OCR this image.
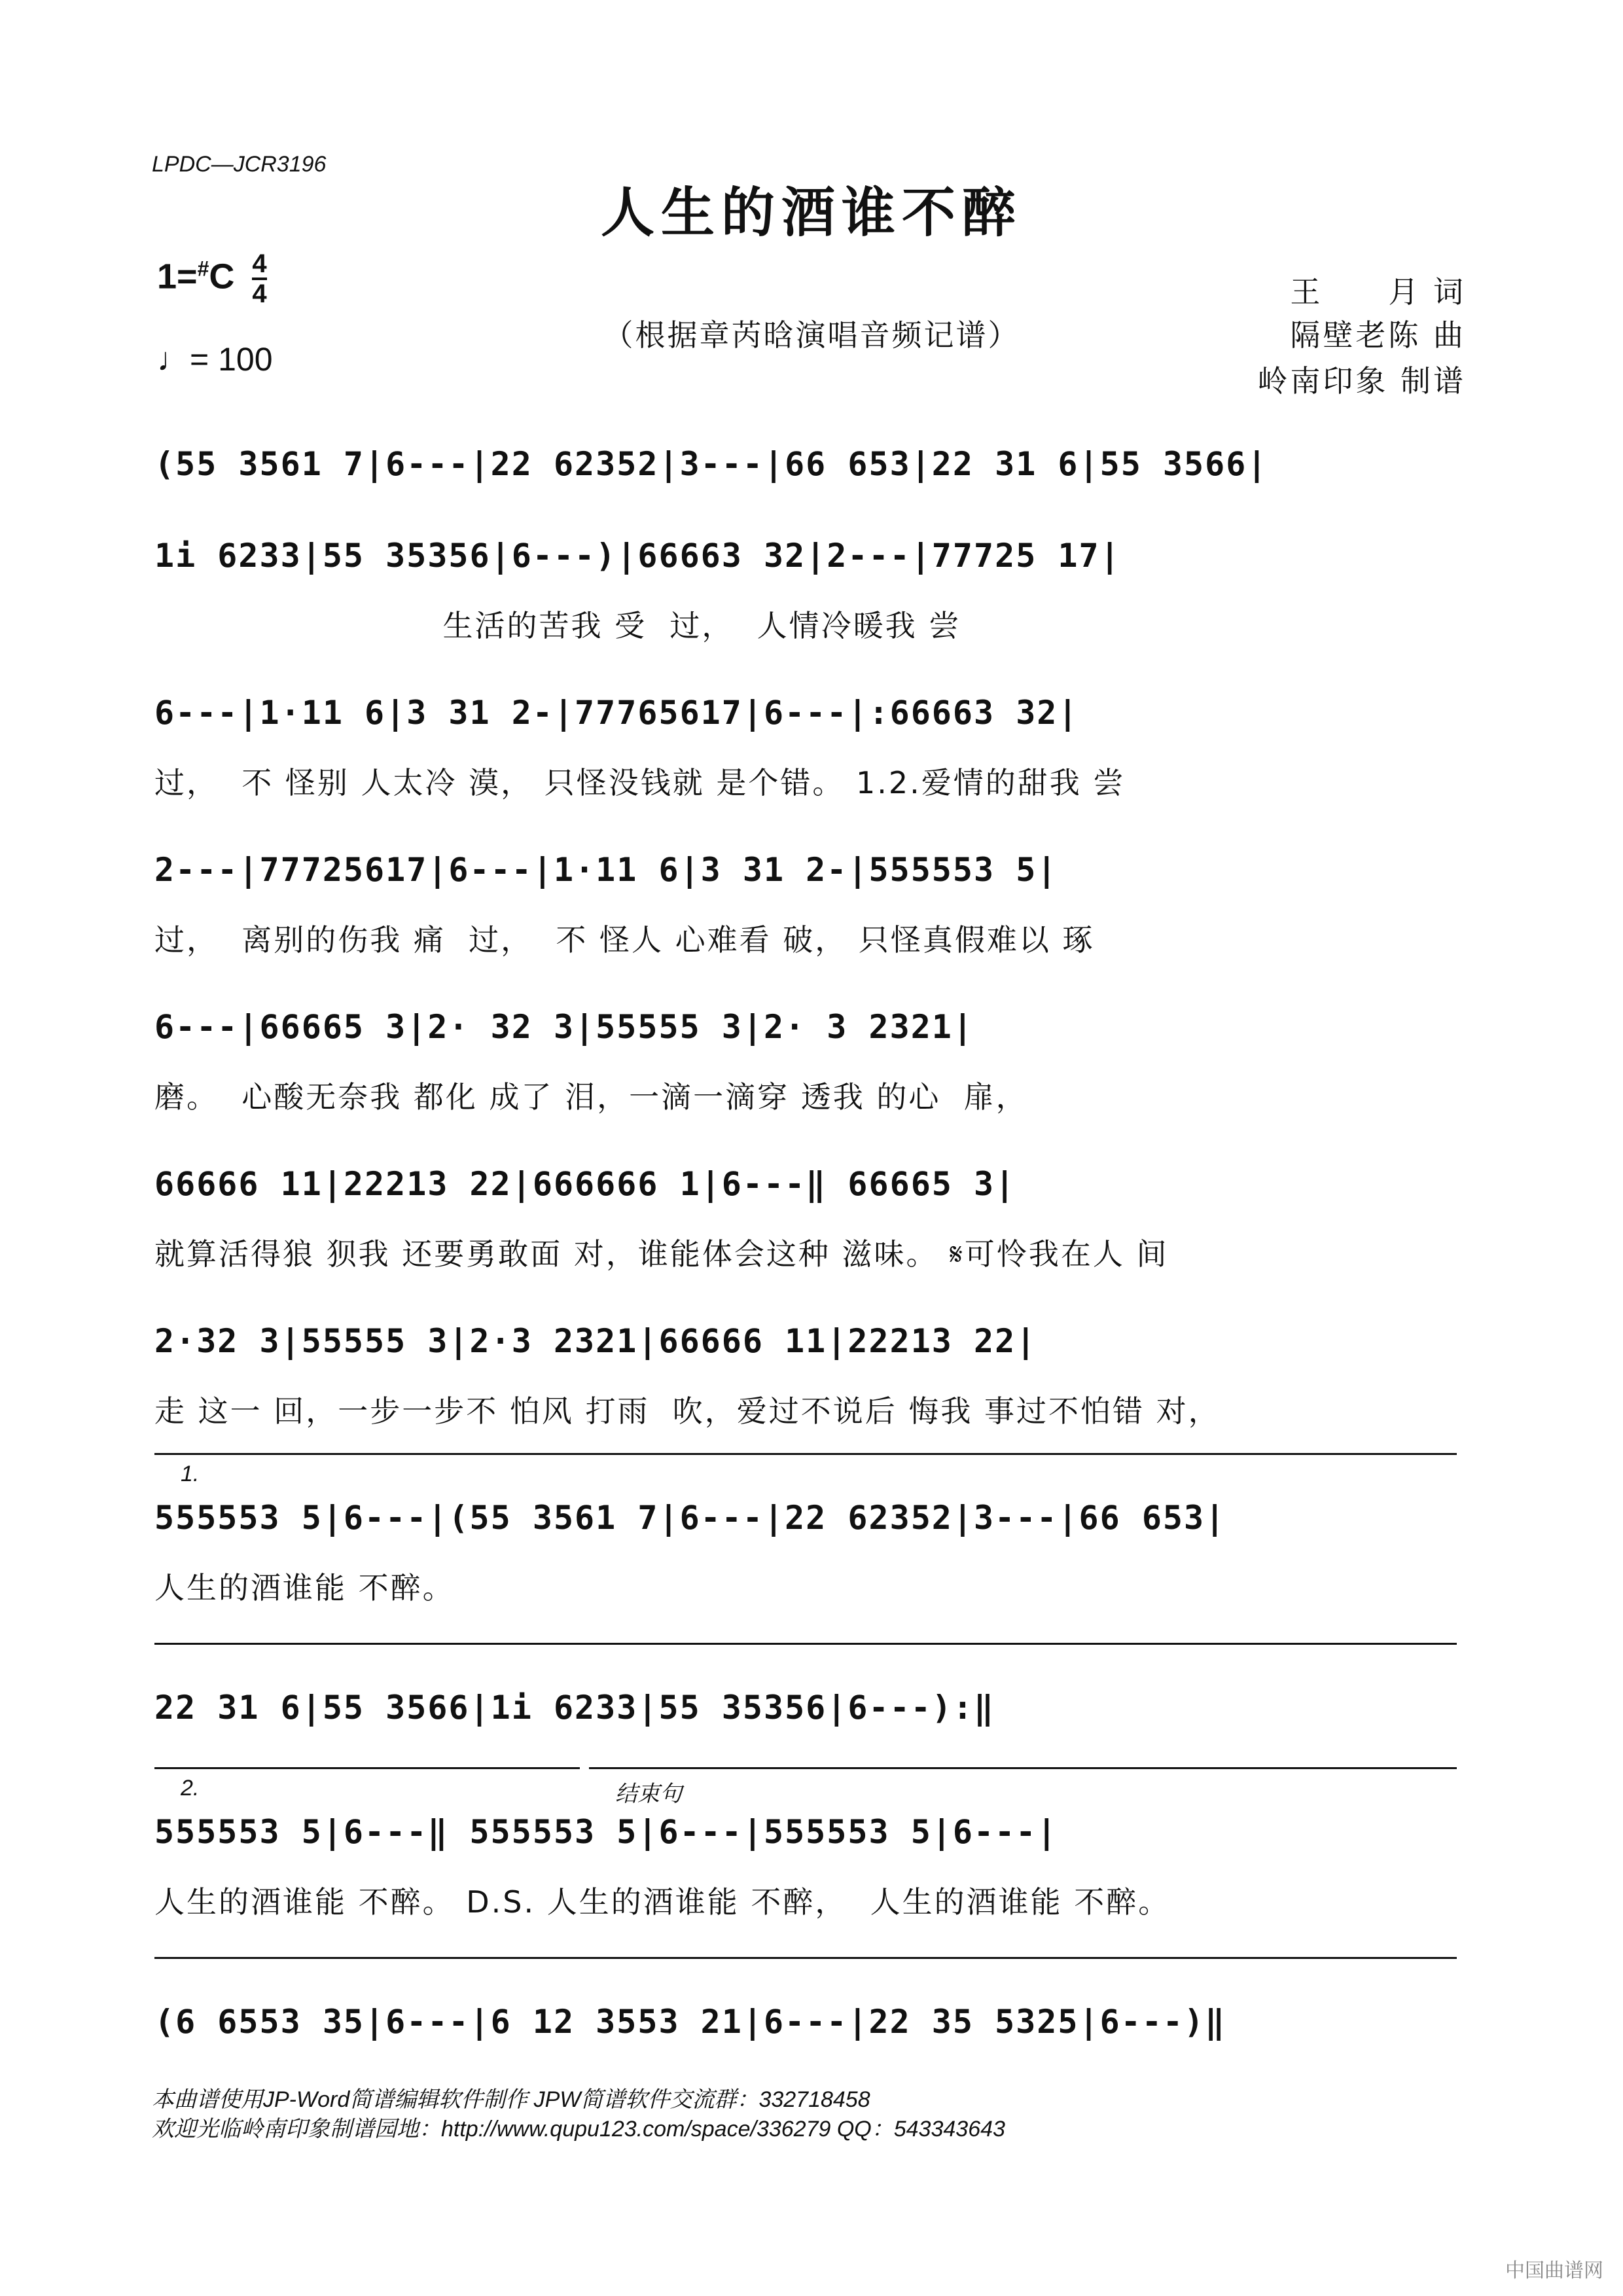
LPDC—JCR3196
人生的酒谁不醉
$1=^{\#}C \frac{4}{4}$
♩= 100
（根据章芮晗演唱音频记谱）
王　　月 词
隔壁老陈 曲
岭南印象 制谱
(55 3561 7|6---|22 62352|3---|66 653|22 31 6|55 3566|
1i 6233|55 35356|6---)|66663 32|2---|77725 17|
生活的苦我 受  过，  人情冷暖我 尝
6---|1·11 6|3 31 2-|77765617|6---|:66663 32|
过，  不 怪别 人太冷 漠， 只怪没钱就 是个错。 1.2.爱情的甜我 尝
2---|77725617|6---|1·11 6|3 31 2-|555553 5|
过，  离别的伤我 痛  过，  不 怪人 心难看 破， 只怪真假难以 琢
6---|66665 3|2· 32 3|55555 3|2· 3 2321|
磨。  心酸无奈我 都化 成了 泪，一滴一滴穿 透我 的心  扉，
66666 11|22213 22|666666 1|6---‖ 66665 3|
就算活得狼 狈我 还要勇敢面 对，谁能体会这种 滋味。 𝄋可怜我在人 间
2·32 3|55555 3|2·3 2321|66666 11|22213 22|
走 这一 回，一步一步不 怕风 打雨  吹，爱过不说后 悔我 事过不怕错 对，
1.
555553 5|6---|(55 3561 7|6---|22 62352|3---|66 653|
人生的酒谁能 不醉。
22 31 6|55 3566|1i 6233|55 35356|6---):‖
2.	结束句
555553 5|6---‖ 555553 5|6---|555553 5|6---|
人生的酒谁能 不醉。 D.S. 人生的酒谁能 不醉，  人生的酒谁能 不醉。
(6 6553 35|6---|6 12 3553 21|6---|22 35 5325|6---)‖
本曲谱使用JP-Word简谱编辑软件制作 JPW简谱软件交流群：332718458
欢迎光临岭南印象制谱园地：http://www.qupu123.com/space/336279 QQ：543343643
中国曲谱网
